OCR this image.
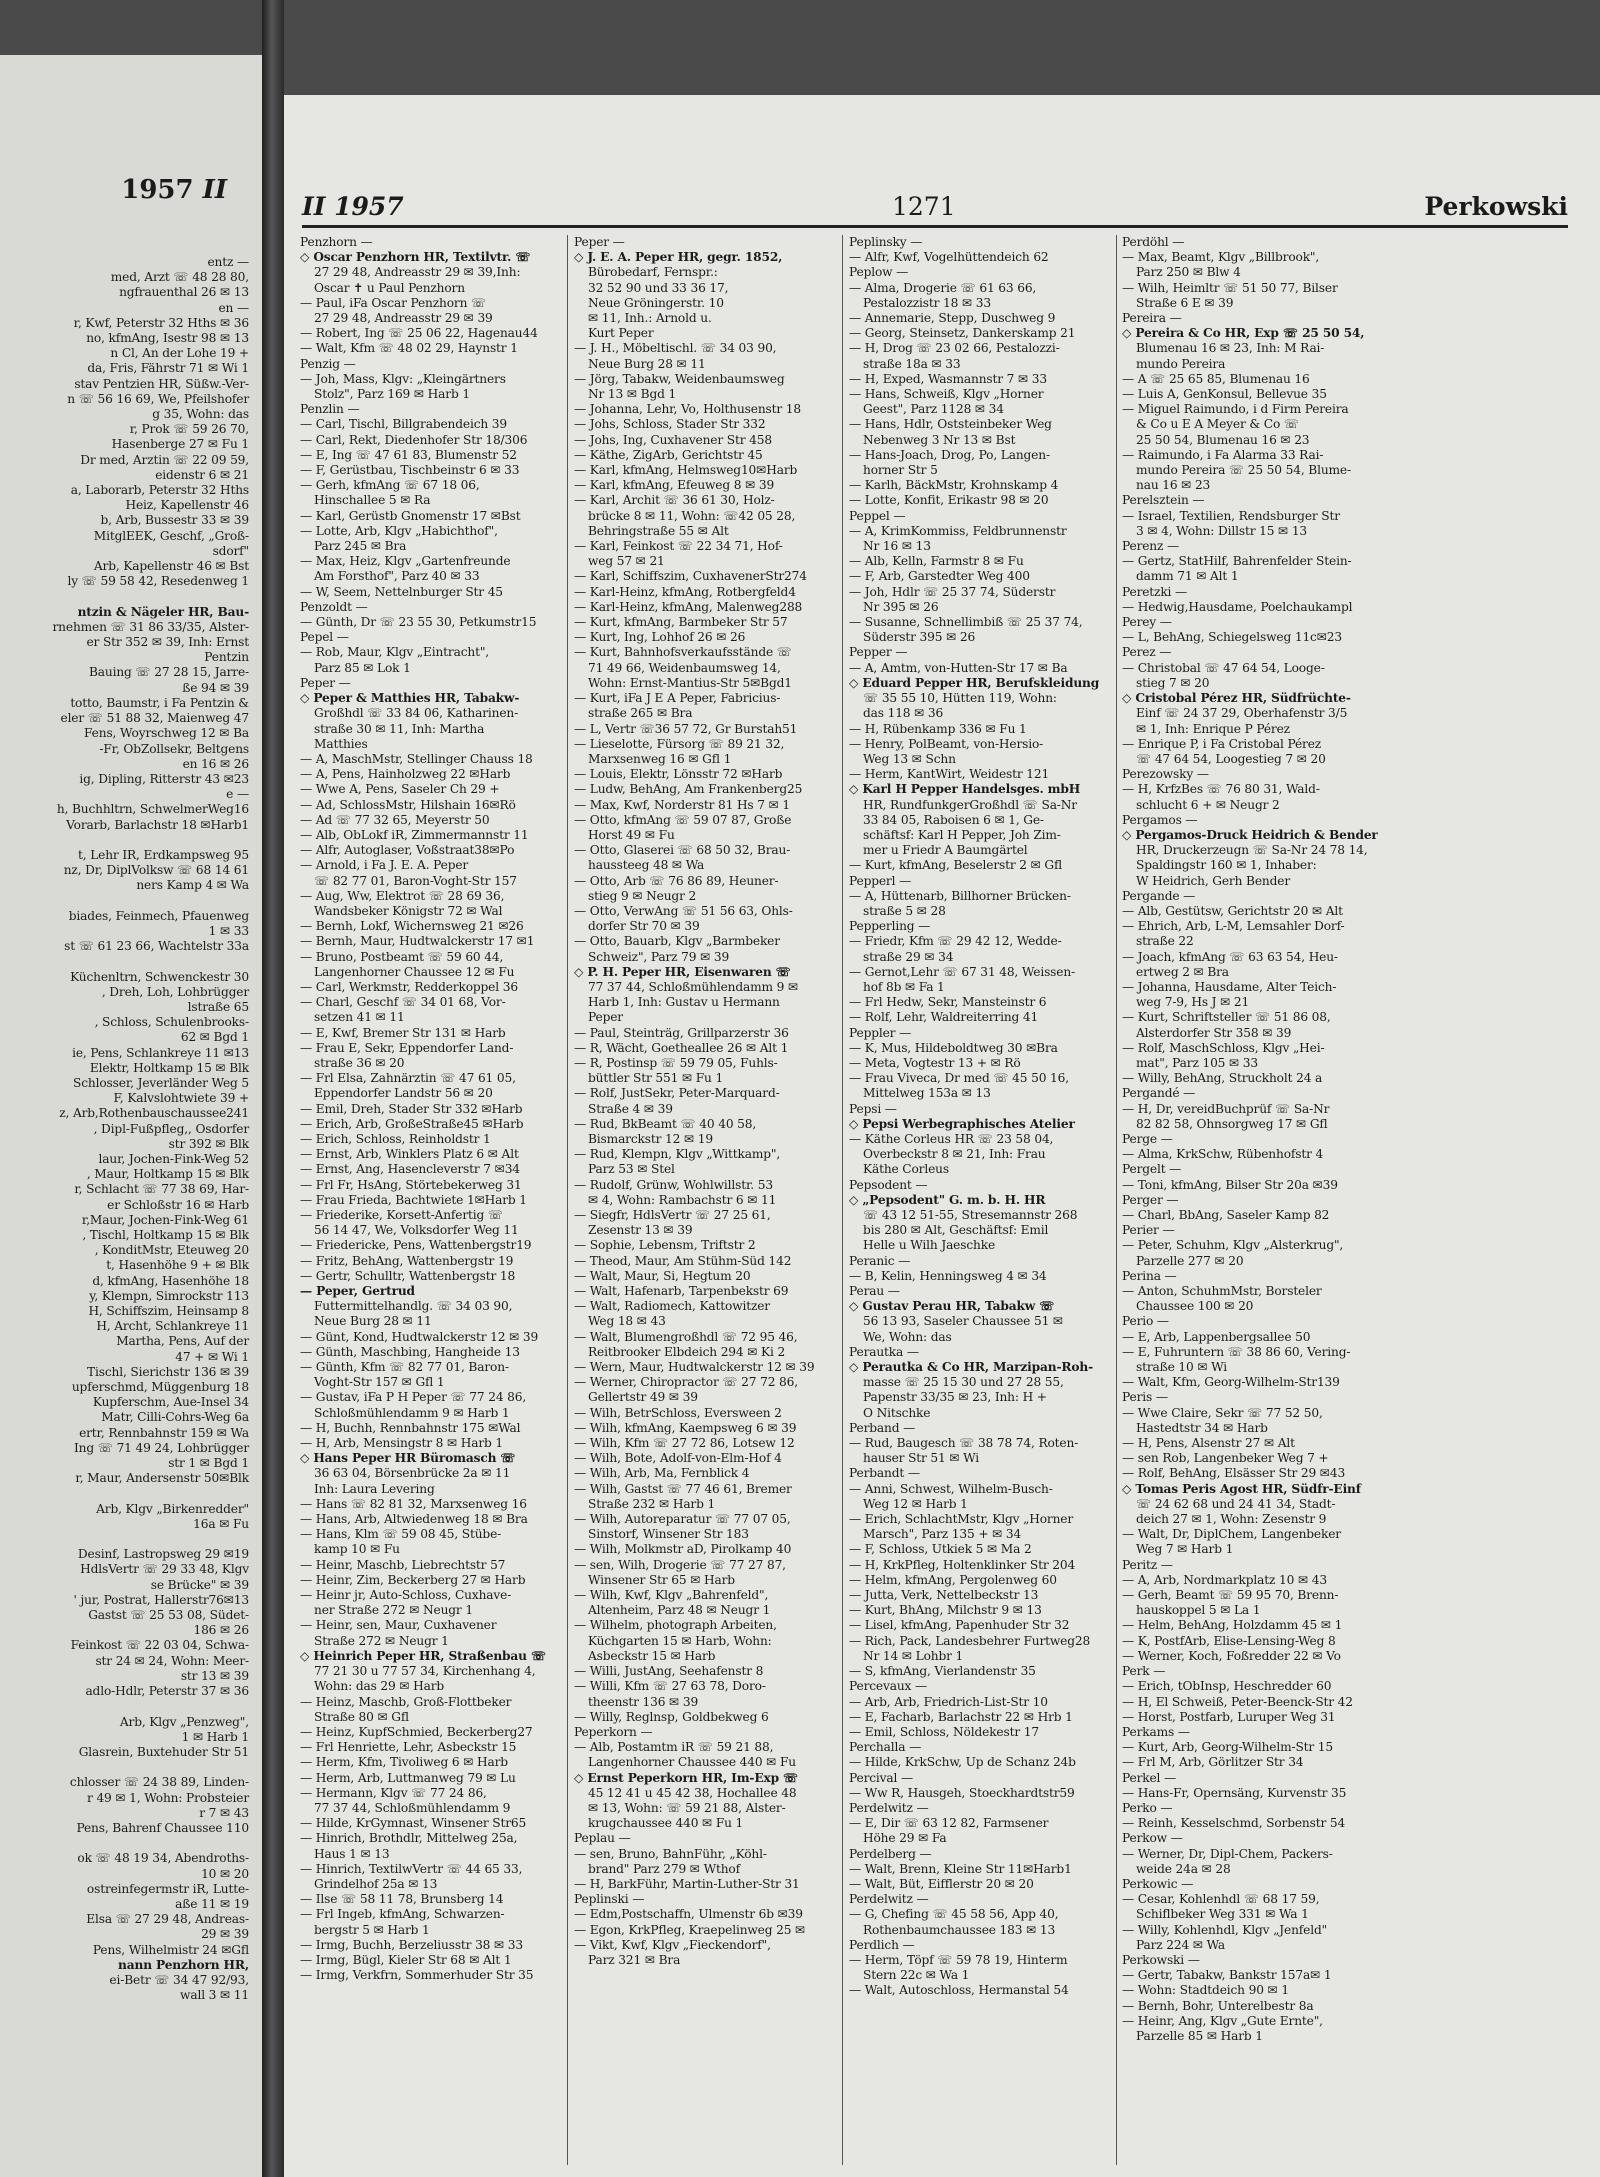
1957 II
entz —
med, Arzt ☏ 48 28 80,
ngfrauenthal 26 ✉ 13
en —
r, Kwf, Peterstr 32 Hths ✉ 36
no, kfmAng, Isestr 98 ✉ 13
n Cl, An der Lohe 19 +
da, Fris, Fährstr 71 ✉ Wi 1
stav Pentzien HR, Süßw.-Ver-
n ☏ 56 16 69, We, Pfeilshofer
g 35, Wohn: das
r, Prok ☏ 59 26 70,
Hasenberge 27 ✉ Fu 1
Dr med, Arztin ☏ 22 09 59,
eidenstr 6 ✉ 21
a, Laborarb, Peterstr 32 Hths
Heiz, Kapellenstr 46
b, Arb, Bussestr 33 ✉ 39
MitglEEK, Geschf, „Groß-
sdorf"
Arb, Kapellenstr 46 ✉ Bst
ly ☏ 59 58 42, Resedenweg 1

ntzin & Nägeler HR, Bau-
rnehmen ☏ 31 86 33/35, Alster-
er Str 352 ✉ 39, Inh: Ernst
Pentzin
Bauing ☏ 27 28 15, Jarre-
ße 94 ✉ 39
totto, Baumstr, i Fa Pentzin &
eler ☏ 51 88 32, Maienweg 47
Fens, Woyrschweg 12 ✉ Ba
-Fr, ObZollsekr, Beltgens
en 16 ✉ 26
ig, Dipling, Ritterstr 43 ✉23
e —
h, Buchhltrn, SchwelmerWeg16
Vorarb, Barlachstr 18 ✉Harb1

t, Lehr IR, Erdkampsweg 95
nz, Dr, DiplVolksw ☏ 68 14 61
ners Kamp 4 ✉ Wa

biades, Feinmech, Pfauenweg
1 ✉ 33
st ☏ 61 23 66, Wachtelstr 33a

Küchenltrn, Schwenckestr 30
, Dreh, Loh, Lohbrügger
lstraße 65
, Schloss, Schulenbrooks-
62 ✉ Bgd 1
ie, Pens, Schlankreye 11 ✉13
Elektr, Holtkamp 15 ✉ Blk
Schlosser, Jeverländer Weg 5
F, Kalvslohtwiete 39 +
z, Arb,Rothenbauschaussee241
, Dipl-Fußpfleg,, Osdorfer
str 392 ✉ Blk
laur, Jochen-Fink-Weg 52
, Maur, Holtkamp 15 ✉ Blk
r, Schlacht ☏ 77 38 69, Har-
er Schloßstr 16 ✉ Harb
r,Maur, Jochen-Fink-Weg 61
, Tischl, Holtkamp 15 ✉ Blk
, KonditMstr, Eteuweg 20
t, Hasenhöhe 9 + ✉ Blk
d, kfmAng, Hasenhöhe 18
y, Klempn, Simrockstr 113
H, Schiffszim, Heinsamp 8
H, Archt, Schlankreye 11
Martha, Pens, Auf der
47 + ✉ Wi 1
Tischl, Sierichstr 136 ✉ 39
upferschmd, Müggenburg 18
Kupferschm, Aue-Insel 34
Matr, Cilli-Cohrs-Weg 6a
ertr, Rennbahnstr 159 ✉ Wa
Ing ☏ 71 49 24, Lohbrügger
str 1 ✉ Bgd 1
r, Maur, Andersenstr 50✉Blk

Arb, Klgv „Birkenredder"
16a ✉ Fu

Desinf, Lastropsweg 29 ✉19
HdlsVertr ☏ 29 33 48, Klgv
se Brücke" ✉ 39
' jur, Postrat, Hallerstr76✉13
Gastst ☏ 25 53 08, Südet-
186 ✉ 26
Feinkost ☏ 22 03 04, Schwa-
str 24 ✉ 24, Wohn: Meer-
str 13 ✉ 39
adlo-Hdlr, Peterstr 37 ✉ 36

Arb, Klgv „Penzweg",
1 ✉ Harb 1
Glasrein, Buxtehuder Str 51

chlosser ☏ 24 38 89, Linden-
r 49 ✉ 1, Wohn: Probsteier
r 7 ✉ 43
Pens, Bahrenf Chaussee 110

ok ☏ 48 19 34, Abendroths-
10 ✉ 20
ostreinfegermstr iR, Lutte-
aße 11 ✉ 19
Elsa ☏ 27 29 48, Andreas-
29 ✉ 39
Pens, Wilhelmistr 24 ✉Gfl
nann Penzhorn HR,
ei-Betr ☏ 34 47 92/93,
wall 3 ✉ 11
II 1957	1271	Perkowski
Penzhorn —
◇ Oscar Penzhorn HR, Textilvtr. ☏
27 29 48, Andreasstr 29 ✉ 39,Inh:
Oscar ✝ u Paul Penzhorn
— Paul, iFa Oscar Penzhorn ☏
27 29 48, Andreasstr 29 ✉ 39
— Robert, Ing ☏ 25 06 22, Hagenau44
— Walt, Kfm ☏ 48 02 29, Haynstr 1
Penzig —
— Joh, Mass, Klgv: „Kleingärtners
Stolz", Parz 169 ✉ Harb 1
Penzlin —
— Carl, Tischl, Billgrabendeich 39
— Carl, Rekt, Diedenhofer Str 18/306
— E, Ing ☏ 47 61 83, Blumenstr 52
— F, Gerüstbau, Tischbeinstr 6 ✉ 33
— Gerh, kfmAng ☏ 67 18 06,
Hinschallee 5 ✉ Ra
— Karl, Gerüstb Gnomenstr 17 ✉Bst
— Lotte, Arb, Klgv „Habichthof",
Parz 245 ✉ Bra
— Max, Heiz, Klgv „Gartenfreunde
Am Forsthof", Parz 40 ✉ 33
— W, Seem, Nettelnburger Str 45
Penzoldt —
— Günth, Dr ☏ 23 55 30, Petkumstr15
Pepel —
— Rob, Maur, Klgv „Eintracht",
Parz 85 ✉ Lok 1
Peper —
◇ Peper & Matthies HR, Tabakw-
Großhdl ☏ 33 84 06, Katharinen-
straße 30 ✉ 11, Inh: Martha
Matthies
— A, MaschMstr, Stellinger Chauss 18
— A, Pens, Hainholzweg 22 ✉Harb
— Wwe A, Pens, Saseler Ch 29 +
— Ad, SchlossMstr, Hilshain 16✉Rö
— Ad ☏ 77 32 65, Meyerstr 50
— Alb, ObLokf iR, Zimmermannstr 11
— Alfr, Autoglaser, Voßstraat38✉Po
— Arnold, i Fa J. E. A. Peper
☏ 82 77 01, Baron-Voght-Str 157
— Aug, Ww, Elektrot ☏ 28 69 36,
Wandsbeker Königstr 72 ✉ Wal
— Bernh, Lokf, Wichernsweg 21 ✉26
— Bernh, Maur, Hudtwalckerstr 17 ✉1
— Bruno, Postbeamt ☏ 59 60 44,
Langenhorner Chaussee 12 ✉ Fu
— Carl, Werkmstr, Redderkoppel 36
— Charl, Geschf ☏ 34 01 68, Vor-
setzen 41 ✉ 11
— E, Kwf, Bremer Str 131 ✉ Harb
— Frau E, Sekr, Eppendorfer Land-
straße 36 ✉ 20
— Frl Elsa, Zahnärztin ☏ 47 61 05,
Eppendorfer Landstr 56 ✉ 20
— Emil, Dreh, Stader Str 332 ✉Harb
— Erich, Arb, GroßeStraße45 ✉Harb
— Erich, Schloss, Reinholdstr 1
— Ernst, Arb, Winklers Platz 6 ✉ Alt
— Ernst, Ang, Hasencleverstr 7 ✉34
— Frl Fr, HsAng, Störtebekerweg 31
— Frau Frieda, Bachtwiete 1✉Harb 1
— Friederike, Korsett-Anfertig ☏
56 14 47, We, Volksdorfer Weg 11
— Friedericke, Pens, Wattenbergstr19
— Fritz, BehAng, Wattenbergstr 19
— Gertr, Schulltr, Wattenbergstr 18
— Peper, Gertrud
Futtermittelhandlg. ☏ 34 03 90,
Neue Burg 28 ✉ 11
— Günt, Kond, Hudtwalckerstr 12 ✉ 39
— Günth, Maschbing, Hangheide 13
— Günth, Kfm ☏ 82 77 01, Baron-
Voght-Str 157 ✉ Gfl 1
— Gustav, iFa P H Peper ☏ 77 24 86,
Schloßmühlendamm 9 ✉ Harb 1
— H, Buchh, Rennbahnstr 175 ✉Wal
— H, Arb, Mensingstr 8 ✉ Harb 1
◇ Hans Peper HR Büromasch ☏
36 63 04, Börsenbrücke 2a ✉ 11
Inh: Laura Levering
— Hans ☏ 82 81 32, Marxsenweg 16
— Hans, Arb, Altwiedenweg 18 ✉ Bra
— Hans, Klm ☏ 59 08 45, Stübe-
kamp 10 ✉ Fu
— Heinr, Maschb, Liebrechtstr 57
— Heinr, Zim, Beckerberg 27 ✉ Harb
— Heinr jr, Auto-Schloss, Cuxhave-
ner Straße 272 ✉ Neugr 1
— Heinr, sen, Maur, Cuxhavener
Straße 272 ✉ Neugr 1
◇ Heinrich Peper HR, Straßenbau ☏
77 21 30 u 77 57 34, Kirchenhang 4,
Wohn: das 29 ✉ Harb
— Heinz, Maschb, Groß-Flottbeker
Straße 80 ✉ Gfl
— Heinz, KupfSchmied, Beckerberg27
— Frl Henriette, Lehr, Asbeckstr 15
— Herm, Kfm, Tivoliweg 6 ✉ Harb
— Herm, Arb, Luttmanweg 79 ✉ Lu
— Hermann, Klgv ☏ 77 24 86,
77 37 44, Schloßmühlendamm 9
— Hilde, KrGymnast, Winsener Str65
— Hinrich, Brothdlr, Mittelweg 25a,
Haus 1 ✉ 13
— Hinrich, TextilwVertr ☏ 44 65 33,
Grindelhof 25a ✉ 13
— Ilse ☏ 58 11 78, Brunsberg 14
— Frl Ingeb, kfmAng, Schwarzen-
bergstr 5 ✉ Harb 1
— Irmg, Buchh, Berzeliusstr 38 ✉ 33
— Irmg, Bügl, Kieler Str 68 ✉ Alt 1
— Irmg, Verkfrn, Sommerhuder Str 35
Peper —
◇ J. E. A. Peper HR, gegr. 1852,
Bürobedarf, Fernspr.:
32 52 90 und 33 36 17,
Neue Gröningerstr. 10
✉ 11, Inh.: Arnold u.
Kurt Peper
— J. H., Möbeltischl. ☏ 34 03 90,
Neue Burg 28 ✉ 11
— Jörg, Tabakw, Weidenbaumsweg
Nr 13 ✉ Bgd 1
— Johanna, Lehr, Vo, Holthusenstr 18
— Johs, Schloss, Stader Str 332
— Johs, Ing, Cuxhavener Str 458
— Käthe, ZigArb, Gerichtstr 45
— Karl, kfmAng, Helmsweg10✉Harb
— Karl, kfmAng, Efeuweg 8 ✉ 39
— Karl, Archit ☏ 36 61 30, Holz-
brücke 8 ✉ 11, Wohn: ☏42 05 28,
Behringstraße 55 ✉ Alt
— Karl, Feinkost ☏ 22 34 71, Hof-
weg 57 ✉ 21
— Karl, Schiffszim, CuxhavenerStr274
— Karl-Heinz, kfmAng, Rotbergfeld4
— Karl-Heinz, kfmAng, Malenweg288
— Kurt, kfmAng, Barmbeker Str 57
— Kurt, Ing, Lohhof 26 ✉ 26
— Kurt, Bahnhofsverkaufsstände ☏
71 49 66, Weidenbaumsweg 14,
Wohn: Ernst-Mantius-Str 5✉Bgd1
— Kurt, iFa J E A Peper, Fabricius-
straße 265 ✉ Bra
— L, Vertr ☏36 57 72, Gr Burstah51
— Lieselotte, Fürsorg ☏ 89 21 32,
Marxsenweg 16 ✉ Gfl 1
— Louis, Elektr, Lönsstr 72 ✉Harb
— Ludw, BehAng, Am Frankenberg25
— Max, Kwf, Norderstr 81 Hs 7 ✉ 1
— Otto, kfmAng ☏ 59 07 87, Große
Horst 49 ✉ Fu
— Otto, Glaserei ☏ 68 50 32, Brau-
haussteeg 48 ✉ Wa
— Otto, Arb ☏ 76 86 89, Heuner-
stieg 9 ✉ Neugr 2
— Otto, VerwAng ☏ 51 56 63, Ohls-
dorfer Str 70 ✉ 39
— Otto, Bauarb, Klgv „Barmbeker
Schweiz", Parz 79 ✉ 39
◇ P. H. Peper HR, Eisenwaren ☏
77 37 44, Schloßmühlendamm 9 ✉
Harb 1, Inh: Gustav u Hermann
Peper
— Paul, Steinträg, Grillparzerstr 36
— R, Wächt, Goetheallee 26 ✉ Alt 1
— R, Postinsp ☏ 59 79 05, Fuhls-
büttler Str 551 ✉ Fu 1
— Rolf, JustSekr, Peter-Marquard-
Straße 4 ✉ 39
— Rud, BkBeamt ☏ 40 40 58,
Bismarckstr 12 ✉ 19
— Rud, Klempn, Klgv „Wittkamp",
Parz 53 ✉ Stel
— Rudolf, Grünw, Wohlwillstr. 53
✉ 4, Wohn: Rambachstr 6 ✉ 11
— Siegfr, HdlsVertr ☏ 27 25 61,
Zesenstr 13 ✉ 39
— Sophie, Lebensm, Triftstr 2
— Theod, Maur, Am Stühm-Süd 142
— Walt, Maur, Si, Hegtum 20
— Walt, Hafenarb, Tarpenbekstr 69
— Walt, Radiomech, Kattowitzer
Weg 18 ✉ 43
— Walt, Blumengroßhdl ☏ 72 95 46,
Reitbrooker Elbdeich 294 ✉ Ki 2
— Wern, Maur, Hudtwalckerstr 12 ✉ 39
— Werner, Chiropractor ☏ 27 72 86,
Gellertstr 49 ✉ 39
— Wilh, BetrSchloss, Eversween 2
— Wilh, kfmAng, Kaempsweg 6 ✉ 39
— Wilh, Kfm ☏ 27 72 86, Lotsew 12
— Wilh, Bote, Adolf-von-Elm-Hof 4
— Wilh, Arb, Ma, Fernblick 4
— Wilh, Gastst ☏ 77 46 61, Bremer
Straße 232 ✉ Harb 1
— Wilh, Autoreparatur ☏ 77 07 05,
Sinstorf, Winsener Str 183
— Wilh, Molkmstr aD, Pirolkamp 40
— sen, Wilh, Drogerie ☏ 77 27 87,
Winsener Str 65 ✉ Harb
— Wilh, Kwf, Klgv „Bahrenfeld",
Altenheim, Parz 48 ✉ Neugr 1
— Wilhelm, photograph Arbeiten,
Küchgarten 15 ✉ Harb, Wohn:
Asbeckstr 15 ✉ Harb
— Willi, JustAng, Seehafenstr 8
— Willi, Kfm ☏ 27 63 78, Doro-
theenstr 136 ✉ 39
— Willy, Reglnsp, Goldbekweg 6
Peperkorn —
— Alb, Postamtm iR ☏ 59 21 88,
Langenhorner Chaussee 440 ✉ Fu
◇ Ernst Peperkorn HR, Im-Exp ☏
45 12 41 u 45 42 38, Hochallee 48
✉ 13, Wohn: ☏ 59 21 88, Alster-
krugchaussee 440 ✉ Fu 1
Peplau —
— sen, Bruno, BahnFühr, „Köhl-
brand" Parz 279 ✉ Wthof
— H, BarkFühr, Martin-Luther-Str 31
Peplinski —
— Edm,Postschaffn, Ulmenstr 6b ✉39
— Egon, KrkPfleg, Kraepelinweg 25 ✉
— Vikt, Kwf, Klgv „Fieckendorf",
Parz 321 ✉ Bra
Peplinsky —
— Alfr, Kwf, Vogelhüttendeich 62
Peplow —
— Alma, Drogerie ☏ 61 63 66,
Pestalozzistr 18 ✉ 33
— Annemarie, Stepp, Duschweg 9
— Georg, Steinsetz, Dankerskamp 21
— H, Drog ☏ 23 02 66, Pestalozzi-
straße 18a ✉ 33
— H, Exped, Wasmannstr 7 ✉ 33
— Hans, Schweiß, Klgv „Horner
Geest", Parz 1128 ✉ 34
— Hans, Hdlr, Oststeinbeker Weg
Nebenweg 3 Nr 13 ✉ Bst
— Hans-Joach, Drog, Po, Langen-
horner Str 5
— Karlh, BäckMstr, Krohnskamp 4
— Lotte, Konfit, Erikastr 98 ✉ 20
Peppel —
— A, KrimKommiss, Feldbrunnenstr
Nr 16 ✉ 13
— Alb, Kelln, Farmstr 8 ✉ Fu
— F, Arb, Garstedter Weg 400
— Joh, Hdlr ☏ 25 37 74, Süderstr
Nr 395 ✉ 26
— Susanne, Schnellimbiß ☏ 25 37 74,
Süderstr 395 ✉ 26
Pepper —
— A, Amtm, von-Hutten-Str 17 ✉ Ba
◇ Eduard Pepper HR, Berufskleidung
☏ 35 55 10, Hütten 119, Wohn:
das 118 ✉ 36
— H, Rübenkamp 336 ✉ Fu 1
— Henry, PolBeamt, von-Hersio-
Weg 13 ✉ Schn
— Herm, KantWirt, Weidestr 121
◇ Karl H Pepper Handelsges. mbH
HR, RundfunkgerGroßhdl ☏ Sa-Nr
33 84 05, Raboisen 6 ✉ 1, Ge-
schäftsf: Karl H Pepper, Joh Zim-
mer u Friedr A Baumgärtel
— Kurt, kfmAng, Beselerstr 2 ✉ Gfl
Pepperl —
— A, Hüttenarb, Billhorner Brücken-
straße 5 ✉ 28
Pepperling —
— Friedr, Kfm ☏ 29 42 12, Wedde-
straße 29 ✉ 34
— Gernot,Lehr ☏ 67 31 48, Weissen-
hof 8b ✉ Fa 1
— Frl Hedw, Sekr, Mansteinstr 6
— Rolf, Lehr, Waldreiterring 41
Peppler —
— K, Mus, Hildeboldtweg 30 ✉Bra
— Meta, Vogtestr 13 + ✉ Rö
— Frau Viveca, Dr med ☏ 45 50 16,
Mittelweg 153a ✉ 13
Pepsi —
◇ Pepsi Werbegraphisches Atelier
— Käthe Corleus HR ☏ 23 58 04,
Overbeckstr 8 ✉ 21, Inh: Frau
Käthe Corleus
Pepsodent —
◇ „Pepsodent" G. m. b. H. HR
☏ 43 12 51-55, Stresemannstr 268
bis 280 ✉ Alt, Geschäftsf: Emil
Helle u Wilh Jaeschke
Peranic —
— B, Kelin, Henningsweg 4 ✉ 34
Perau —
◇ Gustav Perau HR, Tabakw ☏
56 13 93, Saseler Chaussee 51 ✉
We, Wohn: das
Perautka —
◇ Perautka & Co HR, Marzipan-Roh-
masse ☏ 25 15 30 und 27 28 55,
Papenstr 33/35 ✉ 23, Inh: H +
O Nitschke
Perband —
— Rud, Baugesch ☏ 38 78 74, Roten-
hauser Str 51 ✉ Wi
Perbandt —
— Anni, Schwest, Wilhelm-Busch-
Weg 12 ✉ Harb 1
— Erich, SchlachtMstr, Klgv „Horner
Marsch", Parz 135 + ✉ 34
— F, Schloss, Utkiek 5 ✉ Ma 2
— H, KrkPfleg, Holtenklinker Str 204
— Helm, kfmAng, Pergolenweg 60
— Jutta, Verk, Nettelbeckstr 13
— Kurt, BhAng, Milchstr 9 ✉ 13
— Lisel, kfmAng, Papenhuder Str 32
— Rich, Pack, Landesbehrer Furtweg28
Nr 14 ✉ Lohbr 1
— S, kfmAng, Vierlandenstr 35
Percevaux —
— Arb, Arb, Friedrich-List-Str 10
— E, Facharb, Barlachstr 22 ✉ Hrb 1
— Emil, Schloss, Nöldekestr 17
Perchalla —
— Hilde, KrkSchw, Up de Schanz 24b
Percival —
— Ww R, Hausgeh, Stoeckhardtstr59
Perdelwitz —
— E, Dir ☏ 63 12 82, Farmsener
Höhe 29 ✉ Fa
Perdelberg —
— Walt, Brenn, Kleine Str 11✉Harb1
— Walt, Büt, Eifflerstr 20 ✉ 20
Perdelwitz —
— G, Chefing ☏ 45 58 56, App 40,
Rothenbaumchaussee 183 ✉ 13
Perdlich —
— Herm, Töpf ☏ 59 78 19, Hinterm
Stern 22c ✉ Wa 1
— Walt, Autoschloss, Hermanstal 54
Perdöhl —
— Max, Beamt, Klgv „Billbrook",
Parz 250 ✉ Blw 4
— Wilh, Heimltr ☏ 51 50 77, Bilser
Straße 6 E ✉ 39
Pereira —
◇ Pereira & Co HR, Exp ☏ 25 50 54,
Blumenau 16 ✉ 23, Inh: M Rai-
mundo Pereira
— A ☏ 25 65 85, Blumenau 16
— Luis A, GenKonsul, Bellevue 35
— Miguel Raimundo, i d Firm Pereira
& Co u E A Meyer & Co ☏
25 50 54, Blumenau 16 ✉ 23
— Raimundo, i Fa Alarma 33 Rai-
mundo Pereira ☏ 25 50 54, Blume-
nau 16 ✉ 23
Perelsztein —
— Israel, Textilien, Rendsburger Str
3 ✉ 4, Wohn: Dillstr 15 ✉ 13
Perenz —
— Gertz, StatHilf, Bahrenfelder Stein-
damm 71 ✉ Alt 1
Peretzki —
— Hedwig,Hausdame, Poelchaukampl
Perey —
— L, BehAng, Schiegelsweg 11c✉23
Perez —
— Christobal ☏ 47 64 54, Looge-
stieg 7 ✉ 20
◇ Cristobal Pérez HR, Südfrüchte-
Einf ☏ 24 37 29, Oberhafenstr 3/5
✉ 1, Inh: Enrique P Pérez
— Enrique P, i Fa Cristobal Pérez
☏ 47 64 54, Loogestieg 7 ✉ 20
Perezowsky —
— H, KrfzBes ☏ 76 80 31, Wald-
schlucht 6 + ✉ Neugr 2
Pergamos —
◇ Pergamos-Druck Heidrich & Bender
HR, Druckerzeugn ☏ Sa-Nr 24 78 14,
Spaldingstr 160 ✉ 1, Inhaber:
W Heidrich, Gerh Bender
Pergande —
— Alb, Gestütsw, Gerichtstr 20 ✉ Alt
— Ehrich, Arb, L-M, Lemsahler Dorf-
straße 22
— Joach, kfmAng ☏ 63 63 54, Heu-
ertweg 2 ✉ Bra
— Johanna, Hausdame, Alter Teich-
weg 7-9, Hs J ✉ 21
— Kurt, Schriftsteller ☏ 51 86 08,
Alsterdorfer Str 358 ✉ 39
— Rolf, MaschSchloss, Klgv „Hei-
mat", Parz 105 ✉ 33
— Willy, BehAng, Struckholt 24 a
Pergandé —
— H, Dr, vereidBuchprüf ☏ Sa-Nr
82 82 58, Ohnsorgweg 17 ✉ Gfl
Perge —
— Alma, KrkSchw, Rübenhofstr 4
Pergelt —
— Toni, kfmAng, Bilser Str 20a ✉39
Perger —
— Charl, BbAng, Saseler Kamp 82
Perier —
— Peter, Schuhm, Klgv „Alsterkrug",
Parzelle 277 ✉ 20
Perina —
— Anton, SchuhmMstr, Borsteler
Chaussee 100 ✉ 20
Perio —
— E, Arb, Lappenbergsallee 50
— E, Fuhruntern ☏ 38 86 60, Vering-
straße 10 ✉ Wi
— Walt, Kfm, Georg-Wilhelm-Str139
Peris —
— Wwe Claire, Sekr ☏ 77 52 50,
Hastedtstr 34 ✉ Harb
— H, Pens, Alsenstr 27 ✉ Alt
— sen Rob, Langenbeker Weg 7 +
— Rolf, BehAng, Elsässer Str 29 ✉43
◇ Tomas Peris Agost HR, Südfr-Einf
☏ 24 62 68 und 24 41 34, Stadt-
deich 27 ✉ 1, Wohn: Zesenstr 9
— Walt, Dr, DiplChem, Langenbeker
Weg 7 ✉ Harb 1
Peritz —
— A, Arb, Nordmarkplatz 10 ✉ 43
— Gerh, Beamt ☏ 59 95 70, Brenn-
hauskoppel 5 ✉ La 1
— Helm, BehAng, Holzdamm 45 ✉ 1
— K, PostfArb, Elise-Lensing-Weg 8
— Werner, Koch, Foßredder 22 ✉ Vo
Perk —
— Erich, tObInsp, Heschredder 60
— H, El Schweiß, Peter-Beenck-Str 42
— Horst, Postfarb, Luruper Weg 31
Perkams —
— Kurt, Arb, Georg-Wilhelm-Str 15
— Frl M, Arb, Görlitzer Str 34
Perkel —
— Hans-Fr, Opernsäng, Kurvenstr 35
Perko —
— Reinh, Kesselschmd, Sorbenstr 54
Perkow —
— Werner, Dr, Dipl-Chem, Packers-
weide 24a ✉ 28
Perkowic —
— Cesar, Kohlenhdl ☏ 68 17 59,
Schiflbeker Weg 331 ✉ Wa 1
— Willy, Kohlenhdl, Klgv „Jenfeld"
Parz 224 ✉ Wa
Perkowski —
— Gertr, Tabakw, Bankstr 157a✉ 1
— Wohn: Stadtdeich 90 ✉ 1
— Bernh, Bohr, Unterelbestr 8a
— Heinr, Ang, Klgv „Gute Ernte",
Parzelle 85 ✉ Harb 1
